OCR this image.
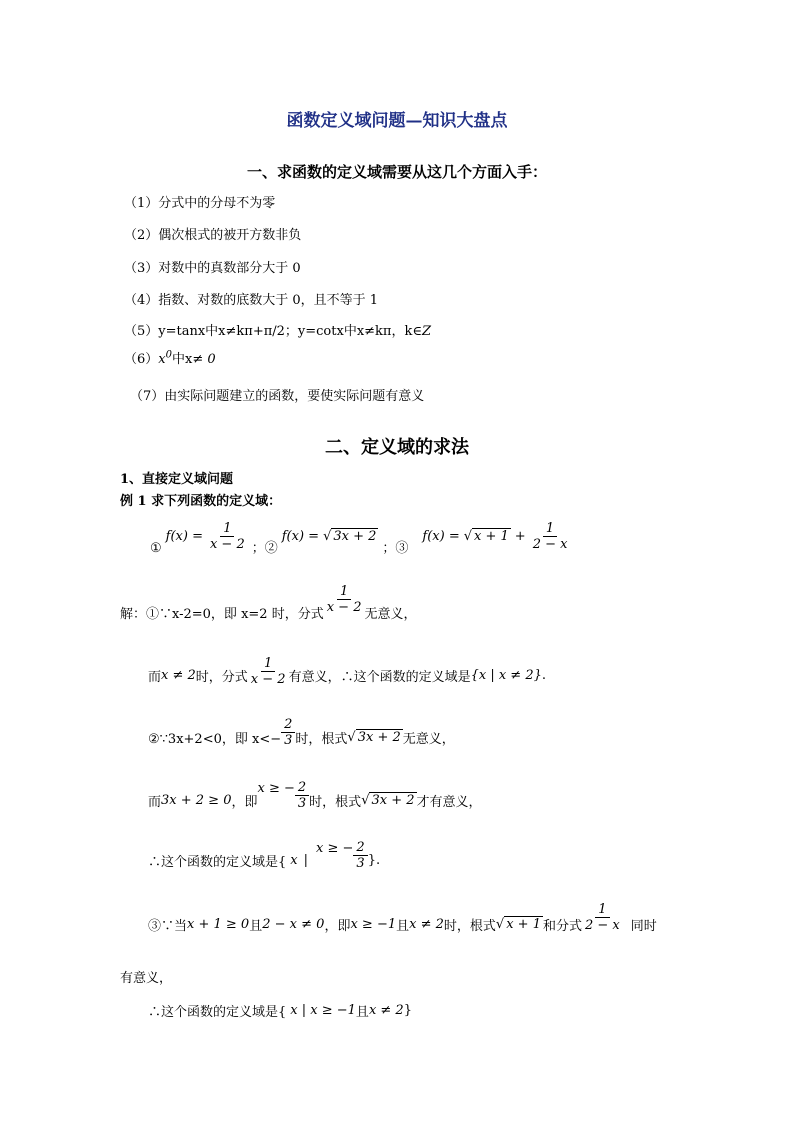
函数定义域问题—知识大盘点
一、求函数的定义域需要从这几个方面入手：
（1）分式中的分母不为零
（2）偶次根式的被开方数非负
（3）对数中的真数部分大于 0
（4）指数、对数的底数大于 0，且不等于 1
（5）y=tanx中x≠kπ+π/2；y=cotx中x≠kπ，k∈Z
$(6)x^0$中x≠ 0
（7）由实际问题建立的函数，要使实际问题有意义
二、定义域的求法
1、直接定义域问题
例 1 求下列函数的定义域：
①
$f(x) = \frac{1}{x - 2}$ ；②
f(x) = √ 3x + 2
；③
f(x) = √ $x + 1 + \frac{1}{2 - x}$
解：①∵x-2=0，即 x=2 时，分式 $\frac{1}{x - 2}$ 无意义，
而 x ≠ 2 时，分式 $\frac{1}{x - 2}$ 有意义，∴这个函数的定义域是 {x | x ≠ 2} .
②∵3x+2<0，即 $x<- \frac{2}{3}$ 时，根式 √ 3x + 2 无意义，
而 3x + 2 ≥ 0 ，即
x ≥ − $\frac{2}{3}$ 时，根式 √ 3x + 2 才有意义，
∴这个函数的定义域是{ x |
x ≥ − $\frac{2}{3}$ }.
③∵当 x + 1 ≥ 0 且 2 − x ≠ 0 ，即 x ≥ −1 且 x ≠ 2 时，根式 √ x + 1 和分式 $\frac{1}{2 - x}$ 同时
有意义，
∴这个函数的定义域是{ x | x ≥ −1 且 x ≠ 2 }
